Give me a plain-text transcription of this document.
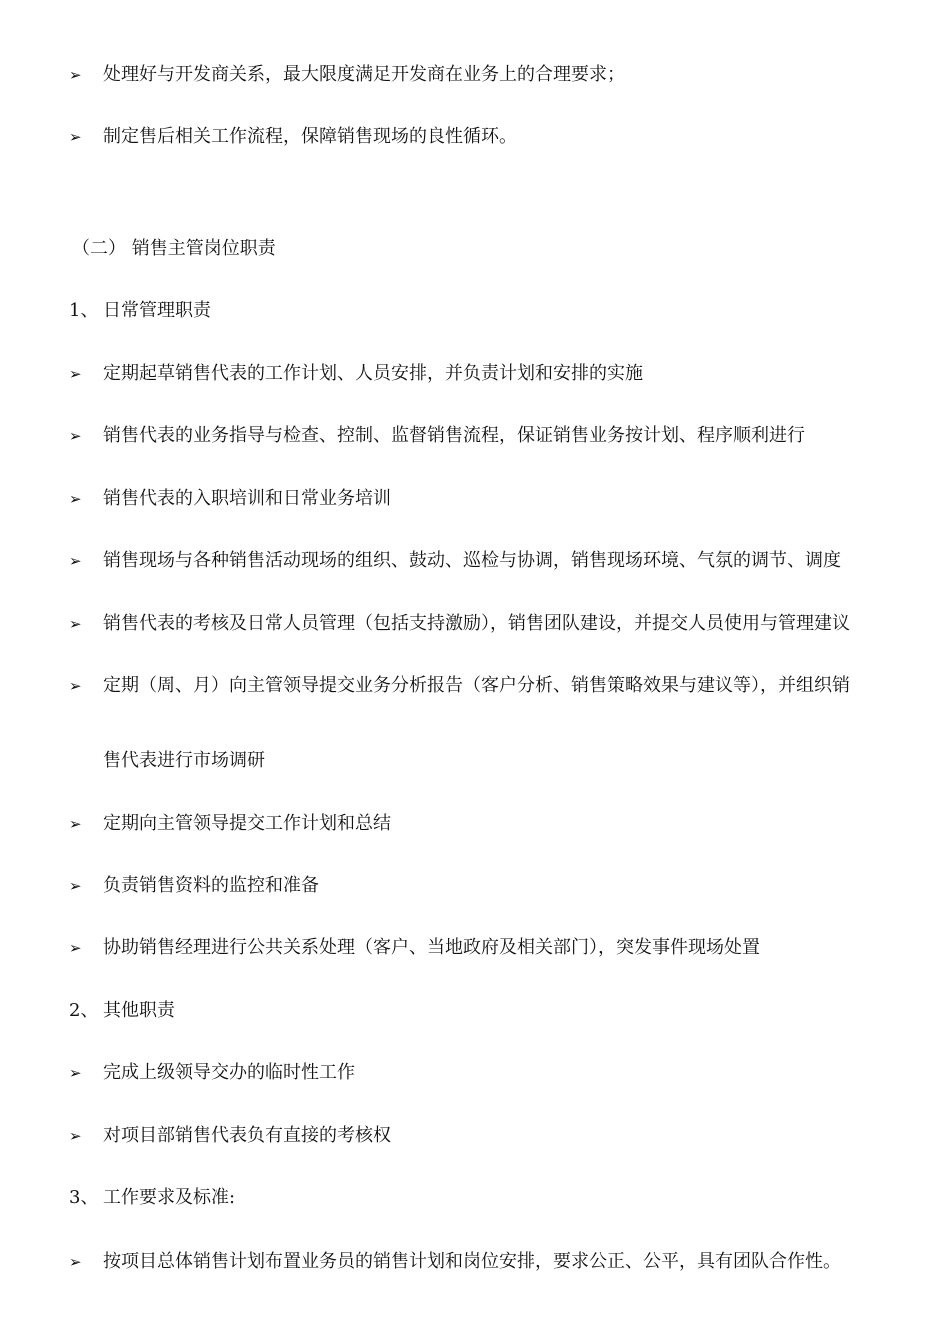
➢ 处理好与开发商关系，最大限度满足开发商在业务上的合理要求；
➢ 制定售后相关工作流程，保障销售现场的良性循环。
（二） 销售主管岗位职责
1、 日常管理职责
➢ 定期起草销售代表的工作计划、人员安排，并负责计划和安排的实施
➢ 销售代表的业务指导与检查、控制、监督销售流程，保证销售业务按计划、程序顺利进行
➢ 销售代表的入职培训和日常业务培训
➢ 销售现场与各种销售活动现场的组织、鼓动、巡检与协调，销售现场环境、气氛的调节、调度
➢ 销售代表的考核及日常人员管理（包括支持激励），销售团队建设，并提交人员使用与管理建议
➢ 定期（周、月）向主管领导提交业务分析报告（客户分析、销售策略效果与建议等），并组织销
售代表进行市场调研
➢ 定期向主管领导提交工作计划和总结
➢ 负责销售资料的监控和准备
➢ 协助销售经理进行公共关系处理（客户、当地政府及相关部门），突发事件现场处置
2、 其他职责
➢ 完成上级领导交办的临时性工作
➢ 对项目部销售代表负有直接的考核权
3、 工作要求及标准:
➢ 按项目总体销售计划布置业务员的销售计划和岗位安排，要求公正、公平，具有团队合作性。
